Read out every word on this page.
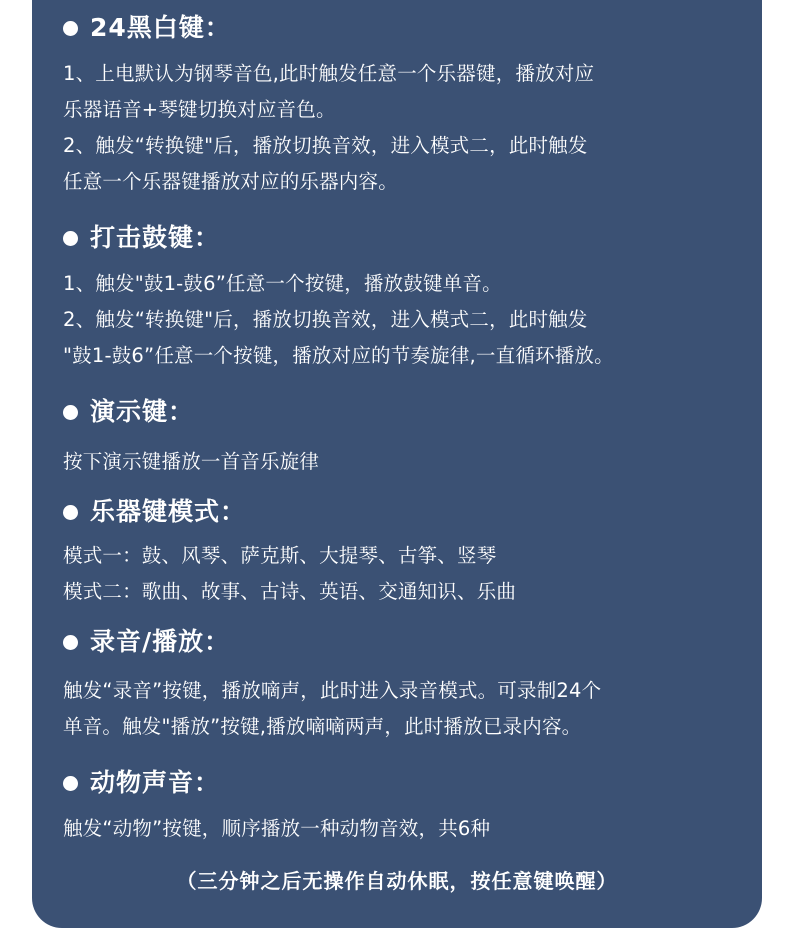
24黑白键：
1、上电默认为钢琴音色,此时触发任意一个乐器键，播放对应
乐器语音+琴键切换对应音色。
2、触发“转换键"后，播放切换音效，进入模式二，此时触发
任意一个乐器键播放对应的乐器内容。
打击鼓键：
1、触发"鼓1-鼓6”任意一个按键，播放鼓键单音。
2、触发“转换键"后，播放切换音效，进入模式二，此时触发
"鼓1-鼓6”任意一个按键，播放对应的节奏旋律,一直循环播放。
演示键：
按下演示键播放一首音乐旋律
乐器键模式：
模式一：鼓、风琴、萨克斯、大提琴、古筝、竖琴
模式二：歌曲、故事、古诗、英语、交通知识、乐曲
录音/播放：
触发“录音”按键，播放嘀声，此时进入录音模式。可录制24个
单音。触发"播放”按键,播放嘀嘀两声，此时播放已录内容。
动物声音：
触发“动物”按键，顺序播放一种动物音效，共6种
（三分钟之后无操作自动休眠，按任意键唤醒）
